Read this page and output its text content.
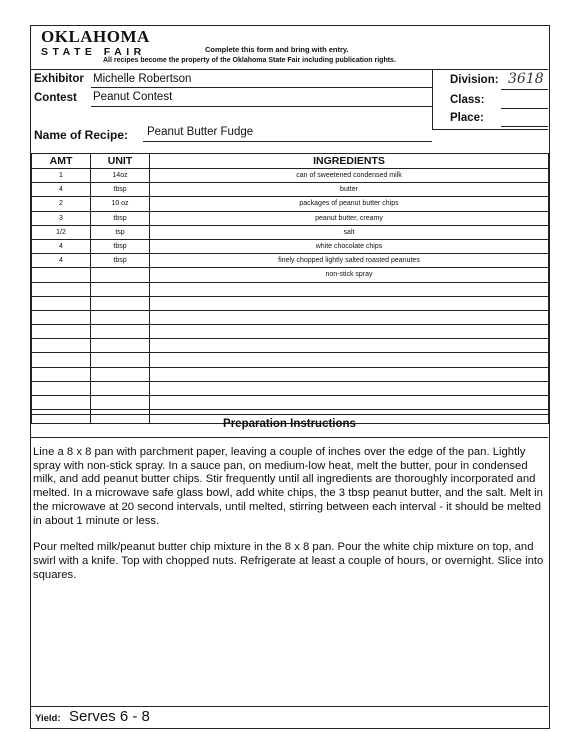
OKLAHOMA
STATE FAIR	Complete this form and bring with entry.
All recipes become the property of the Oklahoma State Fair including publication rights.
Exhibitor Michelle Robertson
Contest Peanut Contest
Division: 3618
Class:
Place:
Name of Recipe: Peanut Butter Fudge
AMT	UNIT	INGREDIENTS
1	14oz	can of sweetened condensed milk
4	tbsp	butter
2	10 oz	packages of peanut butter chips
3	tbsp	peanut butter, creamy
1/2	tsp	salt
4	tbsp	white chocolate chips
4	tbsp	finely chopped lightly salted roasted peanutes
		non-stick spray

Preparation Instructions

Line a 8 x 8 pan with parchment paper, leaving a couple of inches over the edge of the pan. Lightly spray with non-stick spray. In a sauce pan, on medium-low heat, melt the butter, pour in condensed milk, and add peanut butter chips. Stir frequently until all ingredients are thoroughly incorporated and melted. In a microwave safe glass bowl, add white chips, the 3 tbsp peanut butter, and the salt. Melt in the microwave at 20 second intervals, until melted, stirring between each interval - it should be melted in about 1 minute or less.

Pour melted milk/peanut butter chip mixture in the 8 x 8 pan. Pour the white chip mixture on top, and swirl with a knife. Top with chopped nuts. Refrigerate at least a couple of hours, or overnight. Slice into squares.

Yield: Serves 6 - 8
